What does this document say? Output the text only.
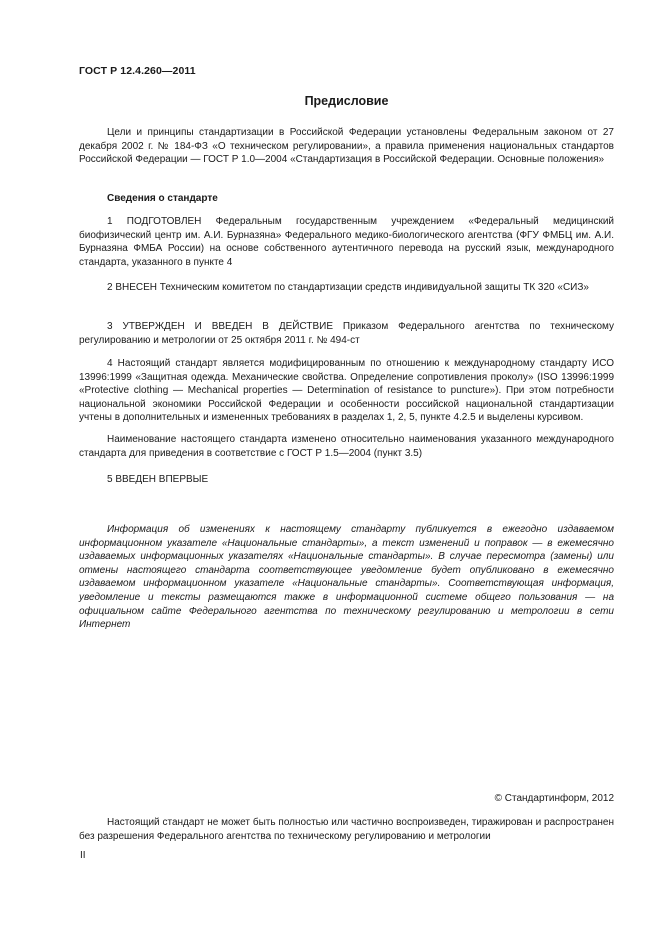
ГОСТ Р 12.4.260—2011
Предисловие

Цели и принципы стандартизации в Российской Федерации установлены Федеральным законом от 27 декабря 2002 г. № 184-ФЗ «О техническом регулировании», а правила применения национальных стандартов Российской Федерации — ГОСТ Р 1.0—2004 «Стандартизация в Российской Федерации. Основные положения»

Сведения о стандарте

1 ПОДГОТОВЛЕН Федеральным государственным учреждением «Федеральный медицинский биофизический центр им. А.И. Бурназяна» Федерального медико-биологического агентства (ФГУ ФМБЦ им. А.И. Бурназяна ФМБА России) на основе собственного аутентичного перевода на русский язык, международного стандарта, указанного в пункте 4

2 ВНЕСЕН Техническим комитетом по стандартизации средств индивидуальной защиты ТК 320 «СИЗ»

3 УТВЕРЖДЕН И ВВЕДЕН В ДЕЙСТВИЕ Приказом Федерального агентства по техническому регулированию и метрологии от 25 октября 2011 г. № 494-ст

4 Настоящий стандарт является модифицированным по отношению к международному стандарту ИСО 13996:1999 «Защитная одежда. Механические свойства. Определение сопротивления проколу» (ISO 13996:1999 «Protective clothing — Mechanical properties — Determination of resistance to puncture»). При этом потребности национальной экономики Российской Федерации и особенности российской национальной стандартизации учтены в дополнительных и измененных требованиях в разделах 1, 2, 5, пункте 4.2.5 и выделены курсивом.

Наименование настоящего стандарта изменено относительно наименования указанного международного стандарта для приведения в соответствие с ГОСТ Р 1.5—2004 (пункт 3.5)

5 ВВЕДЕН ВПЕРВЫЕ

Информация об изменениях к настоящему стандарту публикуется в ежегодно издаваемом информационном указателе «Национальные стандарты», а текст изменений и поправок — в ежемесячно издаваемых информационных указателях «Национальные стандарты». В случае пересмотра (замены) или отмены настоящего стандарта соответствующее уведомление будет опубликовано в ежемесячно издаваемом информационном указателе «Национальные стандарты». Соответствующая информация, уведомление и тексты размещаются также в информационной системе общего пользования — на официальном сайте Федерального агентства по техническому регулированию и метрологии в сети Интернет

© Стандартинформ, 2012

Настоящий стандарт не может быть полностью или частично воспроизведен, тиражирован и распространен без разрешения Федерального агентства по техническому регулированию и метрологии

II
